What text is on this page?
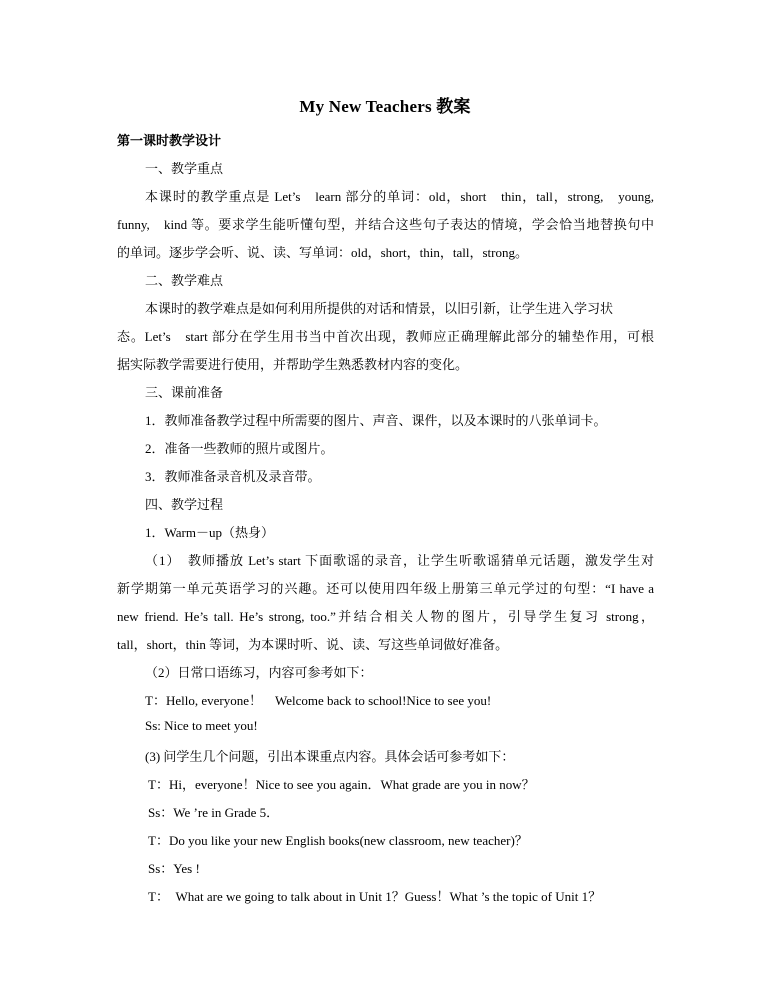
My New Teachers 教案
第一课时教学设计
一、教学重点
本课时的教学重点是 Let’s　learn 部分的单词：old，short　thin，tall，strong,　young,
funny,　kind 等。要求学生能听懂句型，并结合这些句子表达的情境，学会恰当地替换句中
的单词。逐步学会听、说、读、写单词：old，short，thin，tall，strong。
二、教学难点
本课时的教学难点是如何利用所提供的对话和情景，以旧引新，让学生进入学习状
态。Let’s　start 部分在学生用书当中首次出现，教师应正确理解此部分的辅垫作用，可根
据实际教学需要进行使用，并帮助学生熟悉教材内容的变化。
三、课前准备
1．教师准备教学过程中所需要的图片、声音、课件，以及本课时的八张单词卡。
2．准备一些教师的照片或图片。
3．教师准备录音机及录音带。
四、教学过程
1．Warm－up（热身）
（1）　教师播放 Let’s start 下面歌谣的录音，让学生听歌谣猜单元话题，激发学生对
新学期第一单元英语学习的兴趣。还可以使用四年级上册第三单元学过的句型：“I have a
new friend. He’s tall. He’s strong, too.”并结合相关人物的图片，引导学生复习 strong，
tall，short，thin 等词，为本课时听、说、读、写这些单词做好准备。
（2）日常口语练习，内容可参考如下：
T：Hello, everyone！　Welcome back to school!Nice to see you!
Ss: Nice to meet you!
(3) 问学生几个问题，引出本课重点内容。具体会话可参考如下：
T：Hi，everyone！Nice to see you again．What grade are you in now？
Ss：We ’re in Grade 5．
T：Do you like your new English books(new classroom, new teacher)？
Ss：Yes !
T：　What are we going to talk about in Unit 1？Guess！What ’s the topic of Unit 1？
